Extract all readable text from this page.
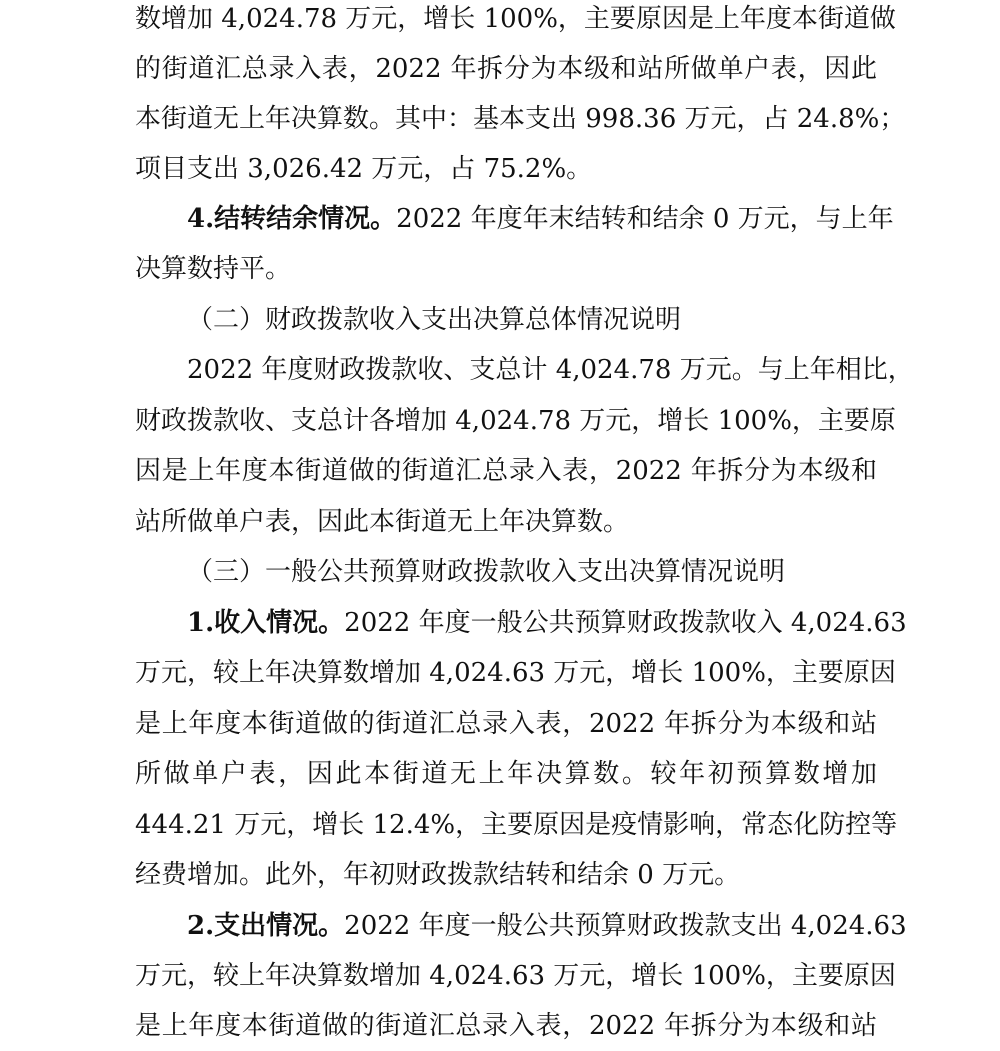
数增加 4,024.78 万元，增长 100%，主要原因是上年度本街道做
的街道汇总录入表，2022 年拆分为本级和站所做单户表，因此
本街道无上年决算数。其中：基本支出 998.36 万元，占 24.8%；
项目支出 3,026.42 万元，占 75.2%。
4.结转结余情况。2022 年度年末结转和结余 0 万元，与上年
决算数持平。
（二）财政拨款收入支出决算总体情况说明
2022 年度财政拨款收、支总计 4,024.78 万元。与上年相比，
财政拨款收、支总计各增加 4,024.78 万元，增长 100%，主要原
因是上年度本街道做的街道汇总录入表，2022 年拆分为本级和
站所做单户表，因此本街道无上年决算数。
（三）一般公共预算财政拨款收入支出决算情况说明
1.收入情况。2022 年度一般公共预算财政拨款收入 4,024.63
万元，较上年决算数增加 4,024.63 万元，增长 100%，主要原因
是上年度本街道做的街道汇总录入表，2022 年拆分为本级和站
所做单户表，因此本街道无上年决算数。较年初预算数增加
444.21 万元，增长 12.4%，主要原因是疫情影响，常态化防控等
经费增加。此外，年初财政拨款结转和结余 0 万元。
2.支出情况。2022 年度一般公共预算财政拨款支出 4,024.63
万元，较上年决算数增加 4,024.63 万元，增长 100%，主要原因
是上年度本街道做的街道汇总录入表，2022 年拆分为本级和站
